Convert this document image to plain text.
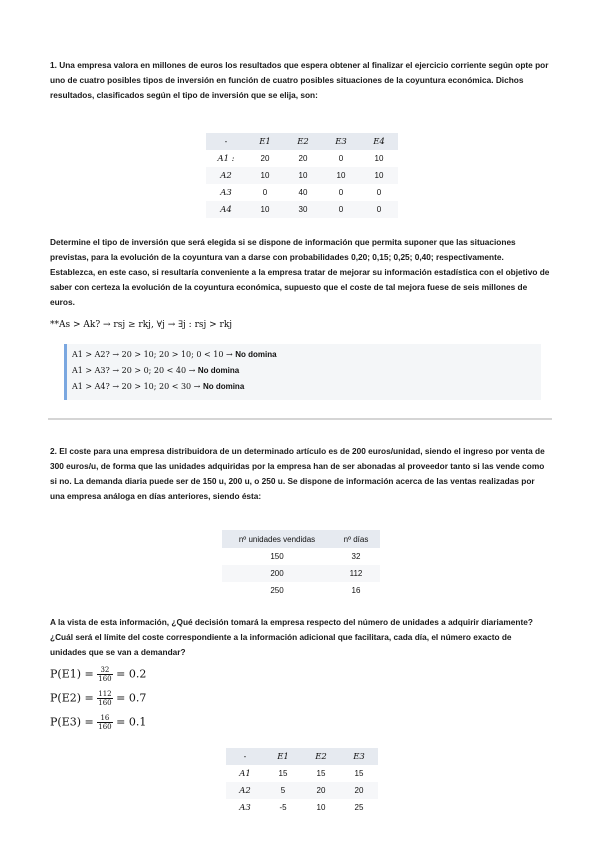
1. Una empresa valora en millones de euros los resultados que espera obtener al finalizar el ejercicio corriente según opte por uno de cuatro posibles tipos de inversión en función de cuatro posibles situaciones de la coyuntura económica. Dichos resultados, clasificados según el tipo de inversión que se elija, son:
-	E1	E2	E3	E4
A1 :	20	20	0	10
A2	10	10	10	10
A3	0	40	0	0
A4	10	30	0	0
Determine el tipo de inversión que será elegida si se dispone de información que permita suponer que las situaciones previstas, para la evolución de la coyuntura van a darse con probabilidades 0,20; 0,15; 0,25; 0,40; respectivamente. Establezca, en este caso, si resultaría conveniente a la empresa tratar de mejorar su información estadística con el objetivo de saber con certeza la evolución de la coyuntura económica, supuesto que el coste de tal mejora fuese de seis millones de euros.
**As > Ak? → rsj ≥ rkj, ∀j → ∃j : rsj > rkj
A1 > A2? → 20 > 10; 20 > 10; 0 < 10 → No domina
A1 > A3? → 20 > 0; 20 < 40 → No domina
A1 > A4? → 20 > 10; 20 < 30 → No domina
2. El coste para una empresa distribuidora de un determinado artículo es de 200 euros/unidad, siendo el ingreso por venta de 300 euros/u, de forma que las unidades adquiridas por la empresa han de ser abonadas al proveedor tanto si las vende como si no. La demanda diaria puede ser de 150 u, 200 u, o 250 u. Se dispone de información acerca de las ventas realizadas por una empresa análoga en días anteriores, siendo ésta:
nº unidades vendidas	nº días
150	32
200	112
250	16
A la vista de esta información, ¿Qué decisión tomará la empresa respecto del número de unidades a adquirir diariamente? ¿Cuál será el límite del coste correspondiente a la información adicional que facilitara, cada día, el número exacto de unidades que se van a demandar?
$P(E1) = \frac{32}{160} = 0.2$
$P(E2) = \frac{112}{160} = 0.7$
$P(E3) = \frac{16}{160} = 0.1$
-	E1	E2	E3
A1	15	15	15
A2	5	20	20
A3	-5	10	25
